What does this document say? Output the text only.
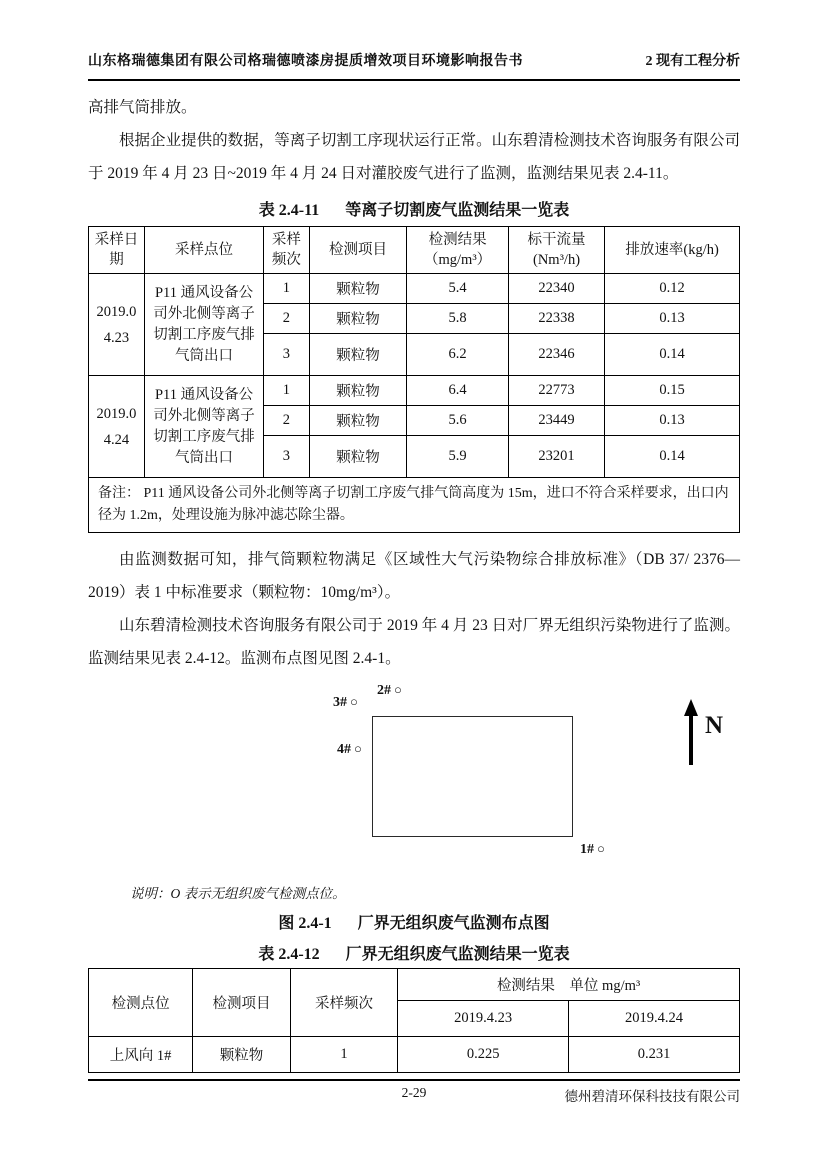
山东格瑞德集团有限公司格瑞德喷漆房提质增效项目环境影响报告书	2 现有工程分析

高排气筒排放。

根据企业提供的数据，等离子切割工序现状运行正常。山东碧清检测技术咨询服务有限公司于 2019 年 4 月 23 日~2019 年 4 月 24 日对灌胶废气进行了监测，监测结果见表 2.4-11。

表 2.4-11 等离子切割废气监测结果一览表
采样日期	采样点位	采样频次	检测项目	检测结果 （mg/m³）	标干流量 (Nm³/h)	排放速率(kg/h)
2019.04.23	P11 通风设备公司外北侧等离子切割工序废气排气筒出口	1	颗粒物	5.4	22340	0.12
		2	颗粒物	5.8	22338	0.13
		3	颗粒物	6.2	22346	0.14
2019.04.24	P11 通风设备公司外北侧等离子切割工序废气排气筒出口	1	颗粒物	6.4	22773	0.15
		2	颗粒物	5.6	23449	0.13
		3	颗粒物	5.9	23201	0.14
备注： P11 通风设备公司外北侧等离子切割工序废气排气筒高度为 15m，进口不符合采样要求，出口内径为 1.2m，处理设施为脉冲滤芯除尘器。						

由监测数据可知，排气筒颗粒物满足《区域性大气污染物综合排放标准》（DB 37/ 2376—2019）表 1 中标准要求（颗粒物：10mg/m³）。

山东碧清检测技术咨询服务有限公司于 2019 年 4 月 23 日对厂界无组织污染物进行了监测。监测结果见表 2.4-12。监测布点图见图 2.4-1。

2# ○
3# ○
4# ○
1# ○
N
说明：O 表示无组织废气检测点位。
图 2.4-1 厂界无组织废气监测布点图
表 2.4-12 厂界无组织废气监测结果一览表
检测点位	检测项目	采样频次	检测结果　单位 mg/m³	
			2019.4.23	2019.4.24
上风向 1#	颗粒物	1	0.225	0.231
2-29	德州碧清环保科技技有限公司
